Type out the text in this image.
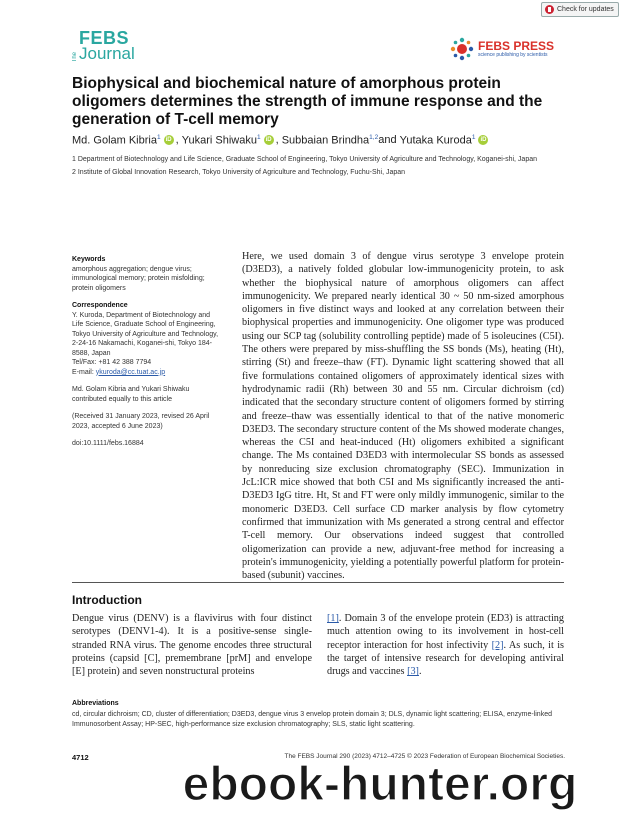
Check for updates
The
FEBS
Journal	FEBS PRESS
science publishing by scientists
Biophysical and biochemical nature of amorphous protein oligomers determines the strength of immune response and the generation of T-cell memory
Md. Golam Kibria$^1$ iD ,
Yukari Shiwaku$^1$ iD ,
Subbaian Brindha$^{1,2}$ and
Yutaka Kuroda$^1$ iD

1 Department of Biotechnology and Life Science, Graduate School of Engineering, Tokyo University of Agriculture and Technology, Koganei-shi, Japan

2 Institute of Global Innovation Research, Tokyo University of Agriculture and Technology, Fuchu-Shi, Japan

Keywords
amorphous aggregation; dengue virus; immunological memory; protein misfolding; protein oligomers
Correspondence
Y. Kuroda, Department of Biotechnology and Life Science, Graduate School of Engineering, Tokyo University of Agriculture and Technology, 2-24-16 Nakamachi, Koganei-shi, Tokyo 184-8588, Japan
Tel/Fax: +81 42 388 7794
E-mail: ykuroda@cc.tuat.ac.jp

Md. Golam Kibria and Yukari Shiwaku contributed equally to this article

(Received 31 January 2023, revised 26 April 2023, accepted 6 June 2023)

doi:10.1111/febs.16884

Here, we used domain 3 of dengue virus serotype 3 envelope protein (D3ED3), a natively folded globular low-immunogenicity protein, to ask whether the biophysical nature of amorphous oligomers can affect immunogenicity. We prepared nearly identical 30 ~ 50 nm-sized amorphous oligomers in five distinct ways and looked at any correlation between their biophysical properties and immunogenicity. One oligomer type was produced using our SCP tag (solubility controlling peptide) made of 5 isoleucines (C5I). The others were prepared by miss-shuffling the SS bonds (Ms), heating (Ht), stirring (St) and freeze–thaw (FT). Dynamic light scattering showed that all five formulations contained oligomers of approximately identical sizes with hydrodynamic radii (Rh) between 30 and 55 nm. Circular dichroism (cd) indicated that the secondary structure content of oligomers formed by stirring and freeze–thaw was essentially identical to that of the native monomeric D3ED3. The secondary structure content of the Ms showed moderate changes, whereas the C5I and heat-induced (Ht) oligomers exhibited a significant change. The Ms contained D3ED3 with intermolecular SS bonds as assessed by nonreducing size exclusion chromatography (SEC). Immunization in JcL:ICR mice showed that both C5I and Ms significantly increased the anti-D3ED3 IgG titre. Ht, St and FT were only mildly immunogenic, similar to the monomeric D3ED3. Cell surface CD marker analysis by flow cytometry confirmed that immunization with Ms generated a strong central and effector T-cell memory. Our observations indeed suggest that controlled oligomerization can provide a new, adjuvant-free method for increasing a protein's immunogenicity, yielding a potentially powerful platform for protein-based (subunit) vaccines.

Introduction

Dengue virus (DENV) is a flavivirus with four distinct serotypes (DENV1-4). It is a positive-sense single-stranded RNA virus. The genome encodes three structural proteins (capsid [C], premembrane [prM] and envelope [E] protein) and seven nonstructural proteins

[1]. Domain 3 of the envelope protein (ED3) is attracting much attention owing to its involvement in host-cell receptor interaction for host infectivity [2]. As such, it is the target of intensive research for developing antiviral drugs and vaccines [3].

Abbreviations

cd, circular dichroism; CD, cluster of differentiation; D3ED3, dengue virus 3 envelop protein domain 3; DLS, dynamic light scattering; ELISA, enzyme-linked Immunosorbent Assay; HP-SEC, high-performance size exclusion chromatography; SLS, static light scattering.

4712	The FEBS Journal 290 (2023) 4712–4725 © 2023 Federation of European Biochemical Societies.
ebook-hunter.org
